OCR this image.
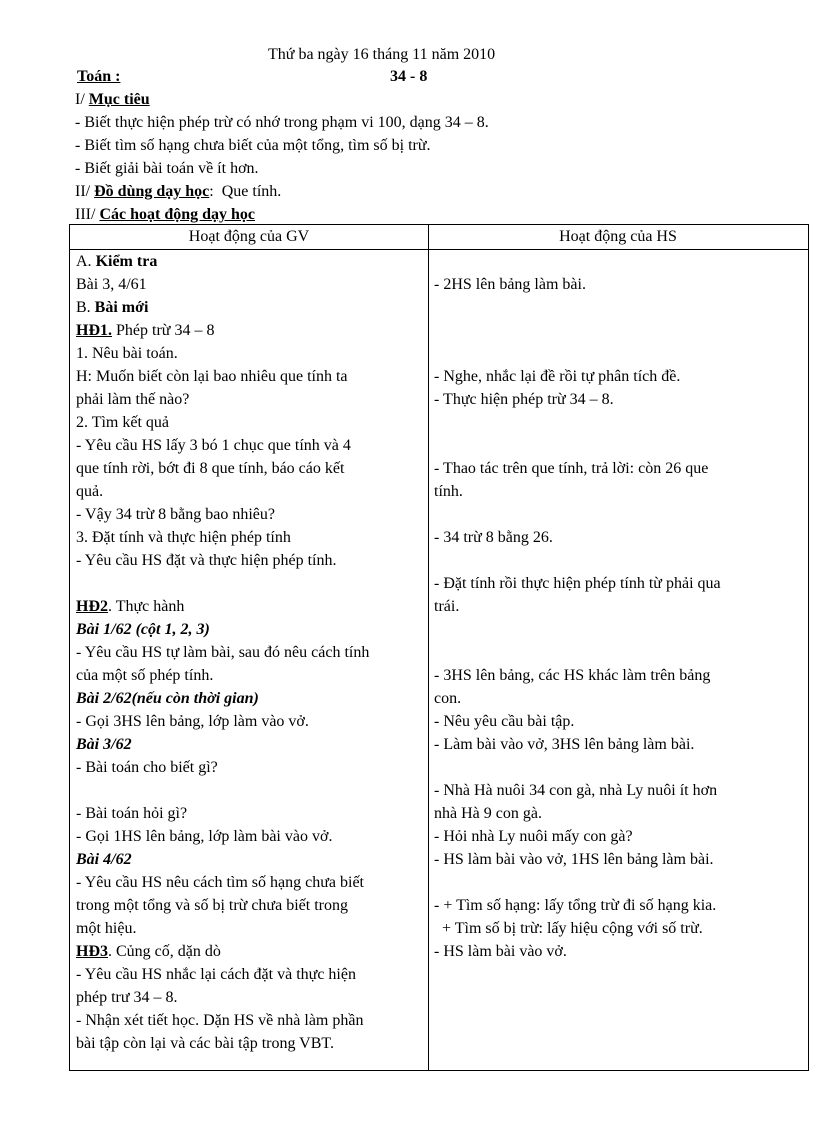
Thứ ba ngày 16 tháng 11 năm 2010
Toán :	34 - 8
I/ Mục tiêu
- Biết thực hiện phép trừ có nhớ trong phạm vi 100, dạng 34 – 8.
- Biết tìm số hạng chưa biết của một tổng, tìm số bị trừ.
- Biết giải bài toán về ít hơn.
II/ Đồ dùng dạy học: Que tính.
III/ Các hoạt động dạy học
Hoạt động của GV	Hoạt động của HS
A. Kiểm tra
Bài 3, 4/61
B. Bài mới
HĐ1. Phép trừ 34 – 8
1. Nêu bài toán.
H: Muốn biết còn lại bao nhiêu que tính ta
phải làm thế nào?
2. Tìm kết quả
- Yêu cầu HS lấy 3 bó 1 chục que tính và 4
que tính rời, bớt đi 8 que tính, báo cáo kết
quả.
- Vậy 34 trừ 8 bằng bao nhiêu?
3. Đặt tính và thực hiện phép tính
- Yêu cầu HS đặt và thực hiện phép tính.
HĐ2. Thực hành
Bài 1/62 (cột 1, 2, 3)
- Yêu cầu HS tự làm bài, sau đó nêu cách tính
của một số phép tính.
Bài 2/62(nếu còn thời gian)
- Gọi 3HS lên bảng, lớp làm vào vở.
Bài 3/62
- Bài toán cho biết gì?
- Bài toán hỏi gì?
- Gọi 1HS lên bảng, lớp làm bài vào vở.
Bài 4/62
- Yêu cầu HS nêu cách tìm số hạng chưa biết
trong một tổng và số bị trừ chưa biết trong
một hiệu.
HĐ3. Củng cố, dặn dò
- Yêu cầu HS nhắc lại cách đặt và thực hiện
phép trư 34 – 8.
- Nhận xét tiết học. Dặn HS về nhà làm phần
bài tập còn lại và các bài tập trong VBT.
- 2HS lên bảng làm bài.
- Nghe, nhắc lại đề rồi tự phân tích đề.
- Thực hiện phép trừ 34 – 8.
- Thao tác trên que tính, trả lời: còn 26 que
tính.
- 34 trừ 8 bằng 26.
- Đặt tính rồi thực hiện phép tính từ phải qua
trái.
- 3HS lên bảng, các HS khác làm trên bảng
con.
- Nêu yêu cầu bài tập.
- Làm bài vào vở, 3HS lên bảng làm bài.
- Nhà Hà nuôi 34 con gà, nhà Ly nuôi ít hơn
nhà Hà 9 con gà.
- Hỏi nhà Ly nuôi mấy con gà?
- HS làm bài vào vở, 1HS lên bảng làm bài.
- + Tìm số hạng: lấy tổng trừ đi số hạng kia.
+ Tìm số bị trừ: lấy hiệu cộng với số trừ.
- HS làm bài vào vở.
